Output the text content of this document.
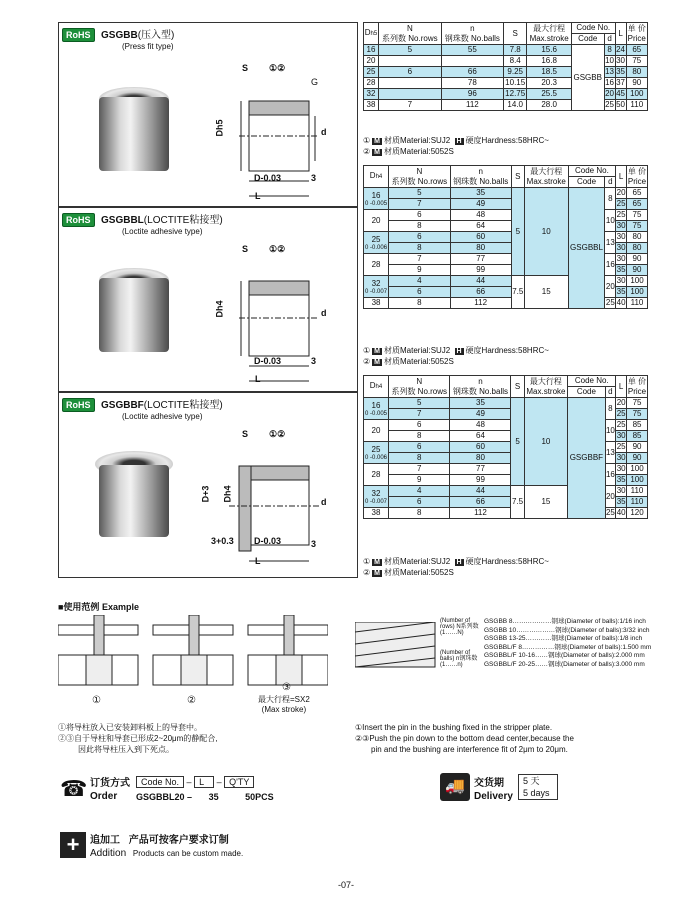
RoHS GSGBB(压入型)
(Press fit type)
S ①②
G
Dh5	d
D-0.03	3
L
RoHS GSGBBL(LOCTITE粘接型)
(Loctite adhesive type)
S ①②
Dh4	d
D-0.03	3
L
RoHS GSGBBF(LOCTITE粘接型)
(Loctite adhesive type)
S ①②
D+3 Dh4	d
3+0.3 D-0.03	3
L
Dh5	N
系列数 No.rows	n
钢珠数 No.balls	S	最大行程
Max.stroke	Code No.		L	单 价
Price
					Code	d		
16	5	55	7.8	15.6	GSGBB	8	24	65
20			8.4	16.8		10	30	75
25	6	66	9.25	18.5		13	35	80
28		78	10.15	20.3		16	37	90
32		96	12.75	25.5		20	45	100
38	7	112	14.0	28.0		25	50	110
① M 材质Material:SUJ2 H 硬度Hardness:58HRC~
② M 材质Material:5052S
Dh4	N
系列数 No.rows	n
钢珠数 No.balls	S	最大行程
Max.stroke	Code No.		L	单 价
Price
					Code	d		
16
0 -0.005	5	35	5	10	GSGBBL	8	20	65
	7	49					25	65
20	6	48				10	25	75
	8	64					30	75
25
0 -0.006	6	60				13	30	80
	8	80					30	80
28	7	77				16	30	90
	9	99					35	90
32
0 -0.007	4	44	7.5	15		20	30	100
	6	66					35	100
38	8	112				25	40	110
① M 材质Material:SUJ2 H 硬度Hardness:58HRC~
② M 材质Material:5052S
Dh4	N
系列数 No.rows	n
钢珠数 No.balls	S	最大行程
Max.stroke	Code No.		L	单 价
Price
					Code	d		
16
0 -0.005	5	35	5	10	GSGBBF	8	20	75
	7	49					25	75
20	6	48				10	25	85
	8	64					30	85
25
0 -0.006	6	60				13	25	90
	8	80					30	90
28	7	77				16	30	100
	9	99					35	100
32
0 -0.007	4	44	7.5	15		20	30	110
	6	66					35	110
38	8	112				25	40	120
① M 材质Material:SUJ2 H 硬度Hardness:58HRC~
② M 材质Material:5052S
■使用范例 Example
①	②
③
最大行程=SX2
(Max stroke)
(Number of rows) N系列数 (1……N)
(Number of balls) n钢珠数 (1……n)
GSGBB 8………………钢球(Diameter of balls):1/16 inch
GSGBB 10………………钢球(Diameter of balls):3/32 inch
GSGBB 13-25…………钢球(Diameter of balls):1/8 inch
GSGBBL/F 8……………钢球(Diameter of balls):1.500 mm
GSGBBL/F 10-16……钢球(Diameter of balls):2.000 mm
GSGBBL/F 20-25……钢球(Diameter of balls):3.000 mm
①将导柱放入已安装卸料板上的导套中。
②③自于导柱和导套已形成2~20μm的静配合,
因此将导柱压入到下死点。
①Insert the pin in the bushing fixed in the stripper plate.
②③Push the pin down to the bottom dead center,because the
pin and the bushing are interference fit of 2μm to 20μm.
☎ 订货方式
Order
Code No. – L – Q'TY
GSGBBL20 – 35	50PCS
🚚 交货期
Delivery
5 天
5 days
+	追加工 产品可按客户要求订制
Addition Products can be custom made.
-07-
